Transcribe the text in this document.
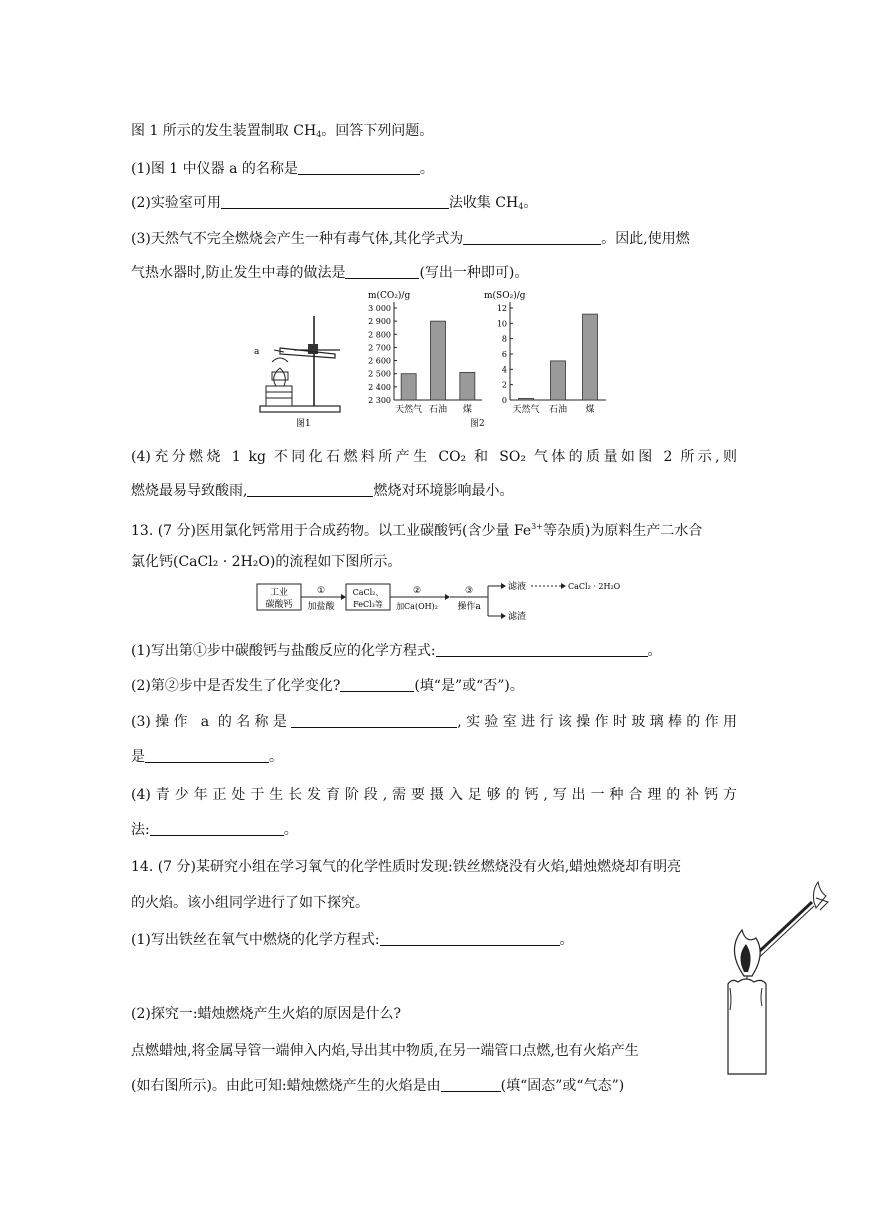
图 1 所示的发生装置制取 $CH_4$。回答下列问题。
(1)图 1 中仪器 a 的名称是	。
(2)实验室可用	法收集 $CH_4$。
(3)天然气不完全燃烧会产生一种有毒气体,其化学式为	。因此,使用燃
气热水器时,防止发生中毒的做法是	(写出一种即可)。
a
图1
m(CO₂)/g
2 300
2 400
2 500
2 600
2 700
2 800
2 900
3 000
天然气 石油 煤
m(SO₂)/g
0
2
4
6
8
10
12
天然气 石油 煤
图2
(4)充分燃烧 1 kg 不同化石燃料所产生 CO₂ 和 SO₂ 气体的质量如图 2 所示,则
燃烧最易导致酸雨,	燃烧对环境影响最小。
13. (7 分)医用氯化钙常用于合成药物。以工业碳酸钙(含少量 $Fe^{3+}$等杂质)为原料生产二水合
氯化钙(CaCl₂ · 2H₂O)的流程如下图所示。
工业
碳酸钙
①
加盐酸
CaCl₂、
FeCl₃等
②
加Ca(OH)₂
③
操作a
滤液	CaCl₂ · 2H₂O
滤渣
(1)写出第①步中碳酸钙与盐酸反应的化学方程式:	。
(2)第②步中是否发生了化学变化?	(填“是”或“否”)。
(3)操作 a 的名称是	,实验室进行该操作时玻璃棒的作用
是	。
(4)青少年正处于生长发育阶段,需要摄入足够的钙,写出一种合理的补钙方
法:	。
14. (7 分)某研究小组在学习氧气的化学性质时发现:铁丝燃烧没有火焰,蜡烛燃烧却有明亮
的火焰。该小组同学进行了如下探究。
(1)写出铁丝在氧气中燃烧的化学方程式:	。
(2)探究一:蜡烛燃烧产生火焰的原因是什么?
点燃蜡烛,将金属导管一端伸入内焰,导出其中物质,在另一端管口点燃,也有火焰产生
(如右图所示)。由此可知:蜡烛燃烧产生的火焰是由	(填“固态”或“气态”)
